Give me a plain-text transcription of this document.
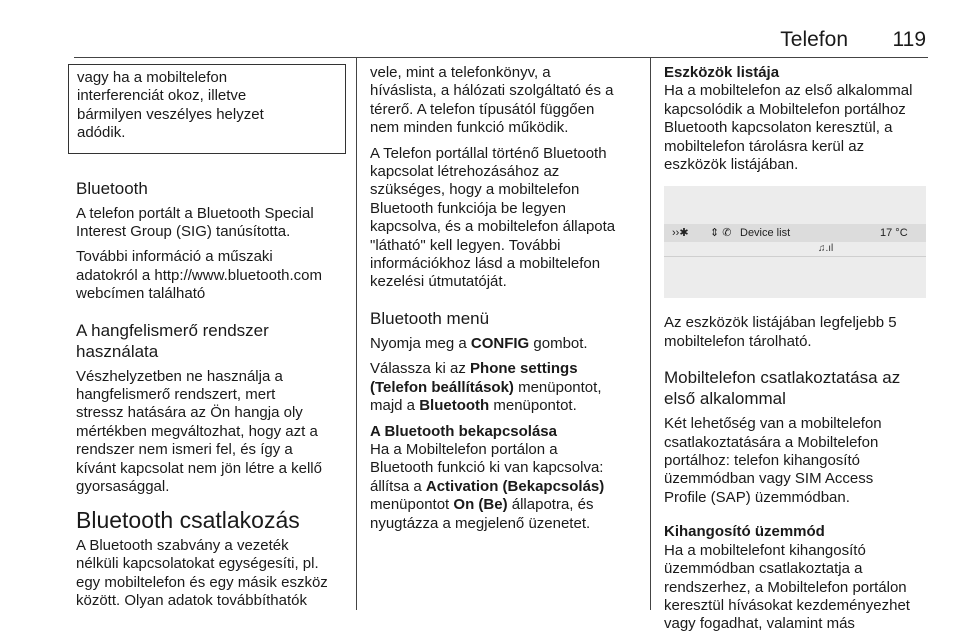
Telefon 119
vagy ha a mobiltelefon
interferenciát okoz, illetve
bármilyen veszélyes helyzet
adódik.
Bluetooth

A telefon portált a Bluetooth Special
Interest Group (SIG) tanúsította.

További információ a műszaki
adatokról a http://www.bluetooth.com
webcímen található

A hangfelismerő rendszer
használata

Vészhelyzetben ne használja a
hangfelismerő rendszert, mert
stressz hatására az Ön hangja oly
mértékben megváltozhat, hogy azt a
rendszer nem ismeri fel, és így a
kívánt kapcsolat nem jön létre a kellő
gyorsasággal.

Bluetooth csatlakozás

A Bluetooth szabvány a vezeték
nélküli kapcsolatokat egységesíti, pl.
egy mobiltelefon és egy másik eszköz
között. Olyan adatok továbbíthatók

vele, mint a telefonkönyv, a
híváslista, a hálózati szolgáltató és a
térerő. A telefon típusától függően
nem minden funkció működik.

A Telefon portállal történő Bluetooth
kapcsolat létrehozásához az
szükséges, hogy a mobiltelefon
Bluetooth funkciója be legyen
kapcsolva, és a mobiltelefon állapota
"látható" kell legyen. További
információkhoz lásd a mobiltelefon
kezelési útmutatóját.

Bluetooth menü

Nyomja meg a CONFIG gombot.

Válassza ki az Phone settings
(Telefon beállítások) menüpontot,
majd a Bluetooth menüpontot.

A Bluetooth bekapcsolása

Ha a Mobiltelefon portálon a
Bluetooth funkció ki van kapcsolva:
állítsa a Activation (Bekapcsolás)
menüpontot On (Be) állapotra, és
nyugtázza a megjelenő üzenetet.

Eszközök listája

Ha a mobiltelefon az első alkalommal
kapcsolódik a Mobiltelefon portálhoz
Bluetooth kapcsolaton keresztül, a
mobiltelefon tárolásra kerül az
eszközök listájában.

››✱ ⇕ ✆ Device list	17 °C
♫.ıl

Az eszközök listájában legfeljebb 5
mobiltelefon tárolható.

Mobiltelefon csatlakoztatása az
első alkalommal

Két lehetőség van a mobiltelefon
csatlakoztatására a Mobiltelefon
portálhoz: telefon kihangosító
üzemmódban vagy SIM Access
Profile (SAP) üzemmódban.

Kihangosító üzemmód

Ha a mobiltelefont kihangosító
üzemmódban csatlakoztatja a
rendszerhez, a Mobiltelefon portálon
keresztül hívásokat kezdeményezhet
vagy fogadhat, valamint más
